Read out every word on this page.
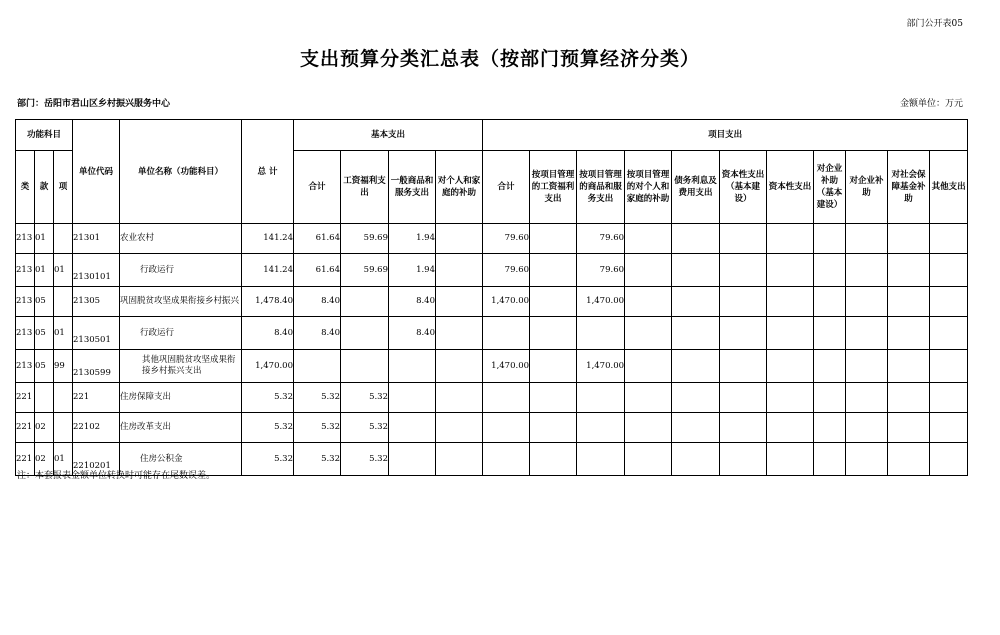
部门公开表05
支出预算分类汇总表（按部门预算经济分类）
部门：岳阳市君山区乡村振兴服务中心	金额单位：万元
功能科目			单位代码	单位名称（功能科目）	总 计	基本支出				项目支出										
类	款	项				合计	工资福利支出	一般商品和服务支出	对个人和家庭的补助	合计	按项目管理的工资福利支出	按项目管理的商品和服务支出	按项目管理的对个人和家庭的补助	债务利息及费用支出	资本性支出（基本建设）	资本性支出	对企业补助（基本建设）	对企业补助	对社会保障基金补助	其他支出
213	01		21301	农业农村	141.24	61.64	59.69	1.94		79.60		79.60								
213	01	01	2130101	行政运行	141.24	61.64	59.69	1.94		79.60		79.60								
213	05		21305	巩固脱贫攻坚成果衔接乡村振兴	1,478.40	8.40		8.40		1,470.00		1,470.00								
213	05	01	2130501	行政运行	8.40	8.40		8.40												
213	05	99	2130599	其他巩固脱贫攻坚成果衔接乡村振兴支出	1,470.00					1,470.00		1,470.00								
221			221	住房保障支出	5.32	5.32	5.32													
221	02		22102	住房改革支出	5.32	5.32	5.32													
221	02	01	2210201	住房公积金	5.32	5.32	5.32													
注：本套报表金额单位转换时可能存在尾数误差。
